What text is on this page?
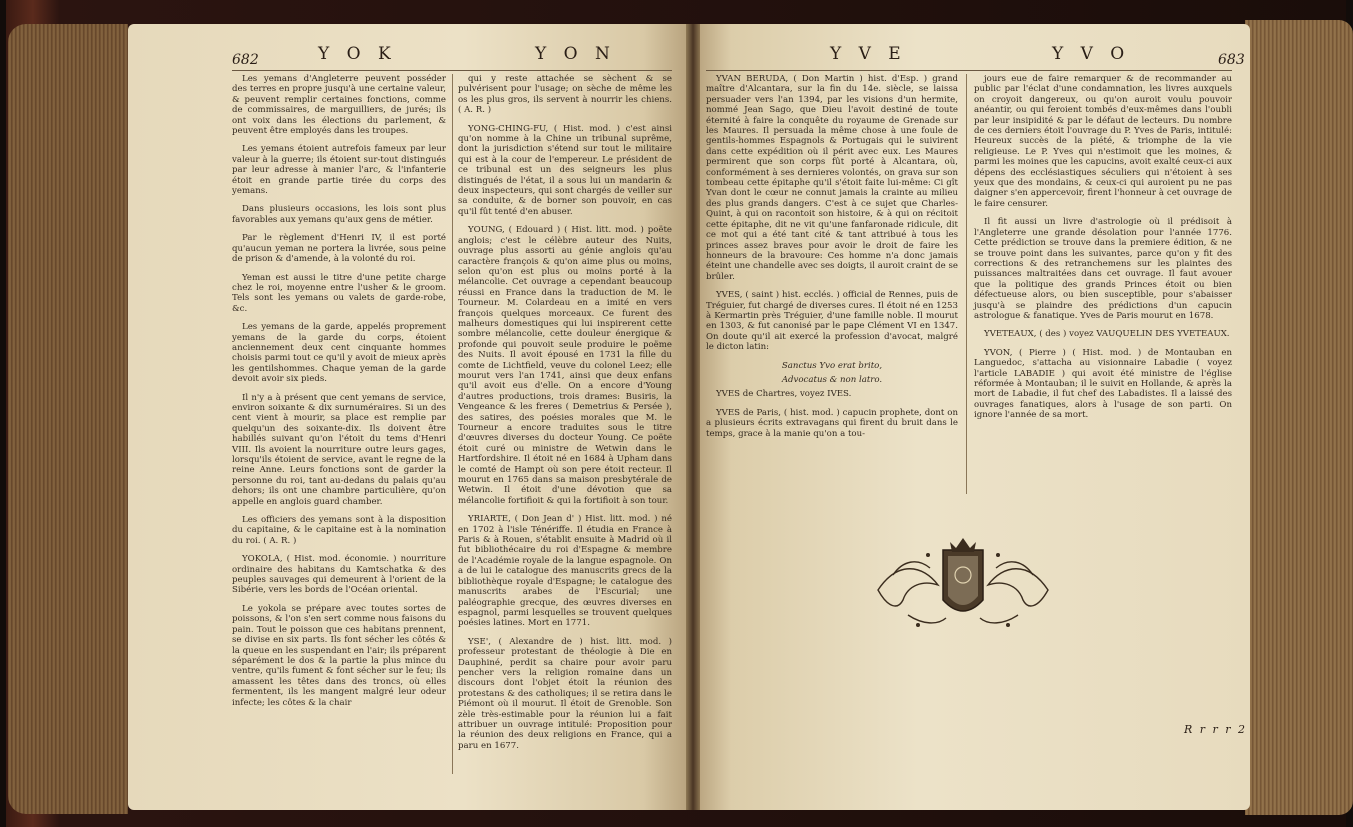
682	Y O K	Y O N	Y V E	Y V O	683

Les yemans d'Angleterre peuvent posséder des terres en propre jusqu'à une certaine valeur, & peuvent remplir certaines fonctions, comme de commissaires, de marguilliers, de jurés; ils ont voix dans les élections du parlement, & peuvent être employés dans les troupes.

Les yemans étoient autrefois fameux par leur valeur à la guerre; ils étoient sur-tout distingués par leur adresse à manier l'arc, & l'infanterie étoit en grande partie tirée du corps des yemans.

Dans plusieurs occasions, les lois sont plus favorables aux yemans qu'aux gens de métier.

Par le règlement d'Henri IV, il est porté qu'aucun yeman ne portera la livrée, sous peine de prison & d'amende, à la volonté du roi.

Yeman est aussi le titre d'une petite charge chez le roi, moyenne entre l'usher & le groom. Tels sont les yemans ou valets de garde-robe, &c.

Les yemans de la garde, appelés proprement yemans de la garde du corps, étoient anciennement deux cent cinquante hommes choisis parmi tout ce qu'il y avoit de mieux après les gentilshommes. Chaque yeman de la garde devoit avoir six pieds.

Il n'y a à présent que cent yemans de service, environ soixante & dix surnuméraires. Si un des cent vient à mourir, sa place est remplie par quelqu'un des soixante-dix. Ils doivent être habillés suivant qu'on l'étoit du tems d'Henri VIII. Ils avoient la nourriture outre leurs gages, lorsqu'ils étoient de service, avant le regne de la reine Anne. Leurs fonctions sont de garder la personne du roi, tant au-dedans du palais qu'au dehors; ils ont une chambre particulière, qu'on appelle en anglois guard chamber.

Les officiers des yemans sont à la disposition du capitaine, & le capitaine est à la nomination du roi. ( A. R. )

YOKOLA, ( Hist. mod. économie. ) nourriture ordinaire des habitans du Kamtschatka & des peuples sauvages qui demeurent à l'orient de la Sibérie, vers les bords de l'Océan oriental.

Le yokola se prépare avec toutes sortes de poissons, & l'on s'en sert comme nous faisons du pain. Tout le poisson que ces habitans prennent, se divise en six parts. Ils font sécher les côtés & la queue en les suspendant en l'air; ils préparent séparément le dos & la partie la plus mince du ventre, qu'ils fument & font sécher sur le feu; ils amassent les têtes dans des troncs, où elles fermentent, ils les mangent malgré leur odeur infecte; les côtes & la chair

qui y reste attachée se sèchent & se pulvérisent pour l'usage; on sèche de même les os les plus gros, ils servent à nourrir les chiens. ( A. R. )

YONG-CHING-FU, ( Hist. mod. ) c'est ainsi qu'on nomme à la Chine un tribunal suprême, dont la jurisdiction s'étend sur tout le militaire qui est à la cour de l'empereur. Le président de ce tribunal est un des seigneurs les plus distingués de l'état, il a sous lui un mandarin & deux inspecteurs, qui sont chargés de veiller sur sa conduite, & de borner son pouvoir, en cas qu'il fût tenté d'en abuser.

YOUNG, ( Edouard ) ( Hist. litt. mod. ) poëte anglois; c'est le célèbre auteur des Nuits, ouvrage plus assorti au génie anglois qu'au caractère françois & qu'on aime plus ou moins, selon qu'on est plus ou moins porté à la mélancolie. Cet ouvrage a cependant beaucoup réussi en France dans la traduction de M. le Tourneur. M. Colardeau en a imité en vers françois quelques morceaux. Ce furent des malheurs domestiques qui lui inspirerent cette sombre mélancolie, cette douleur énergique & profonde qui pouvoit seule produire le poëme des Nuits. Il avoit épousé en 1731 la fille du comte de Lichtfield, veuve du colonel Leez; elle mourut vers l'an 1741, ainsi que deux enfans qu'il avoit eus d'elle. On a encore d'Young d'autres productions, trois drames: Busiris, la Vengeance & les freres ( Demetrius & Persée ), des satires, des poésies morales que M. le Tourneur a encore traduites sous le titre d'œuvres diverses du docteur Young. Ce poëte étoit curé ou ministre de Wetwin dans le Hartfordshire. Il étoit né en 1684 à Upham dans le comté de Hampt où son pere étoit recteur. Il mourut en 1765 dans sa maison presbytérale de Wetwin. Il étoit d'une dévotion que sa mélancolie fortifioit & qui la fortifioit à son tour.

YRIARTE, ( Don Jean d' ) Hist. litt. mod. ) né en 1702 à l'isle Ténériffe. Il étudia en France à Paris & à Rouen, s'établit ensuite à Madrid où il fut bibliothécaire du roi d'Espagne & membre de l'Académie royale de la langue espagnole. On a de lui le catalogue des manuscrits grecs de la bibliothèque royale d'Espagne; le catalogue des manuscrits arabes de l'Escurial; une paléographie grecque, des œuvres diverses en espagnol, parmi lesquelles se trouvent quelques poésies latines. Mort en 1771.

YSE', ( Alexandre de ) hist. litt. mod. ) professeur protestant de théologie à Die en Dauphiné, perdit sa chaire pour avoir paru pencher vers la religion romaine dans un discours dont l'objet étoit la réunion des protestans & des catholiques; il se retira dans le Piémont où il mourut. Il étoit de Grenoble. Son zèle très-estimable pour la réunion lui a fait attribuer un ouvrage intitulé: Proposition pour la réunion des deux religions en France, qui a paru en 1677.

YVAN BERUDA, ( Don Martin ) hist. d'Esp. ) grand maître d'Alcantara, sur la fin du 14e. siècle, se laissa persuader vers l'an 1394, par les visions d'un hermite, nommé Jean Sago, que Dieu l'avoit destiné de toute éternité à faire la conquête du royaume de Grenade sur les Maures. Il persuada la même chose à une foule de gentils-hommes Espagnols & Portugais qui le suivirent dans cette expédition où il périt avec eux. Les Maures permirent que son corps fût porté à Alcantara, où, conformément à ses dernieres volontés, on grava sur son tombeau cette épitaphe qu'il s'étoit faite lui-même: Ci gît Yvan dont le cœur ne connut jamais la crainte au milieu des plus grands dangers. C'est à ce sujet que Charles-Quint, à qui on racontoit son histoire, & à qui on récitoit cette épitaphe, dit ne vit qu'une fanfaronade ridicule, dit ce mot qui a été tant cité & tant attribué à tous les princes assez braves pour avoir le droit de faire les honneurs de la bravoure: Ces homme n'a donc jamais éteint une chandelle avec ses doigts, il auroit craint de se brûler.

YVES, ( saint ) hist. ecclés. ) official de Rennes, puis de Tréguier, fut chargé de diverses cures. Il étoit né en 1253 à Kermartin près Tréguier, d'une famille noble. Il mourut en 1303, & fut canonisé par le pape Clément VI en 1347. On doute qu'il ait exercé la profession d'avocat, malgré le dicton latin:

Sanctus Yvo erat brito,

Advocatus & non latro.

YVES de Chartres, voyez IVES.

YVES de Paris, ( hist. mod. ) capucin prophete, dont on a plusieurs écrits extravagans qui firent du bruit dans le temps, grace à la manie qu'on a tou-

jours eue de faire remarquer & de recommander au public par l'éclat d'une condamnation, les livres auxquels on croyoit dangereux, ou qu'on auroit voulu pouvoir anéantir, ou qui feroient tombés d'eux-mêmes dans l'oubli par leur insipidité & par le défaut de lecteurs. Du nombre de ces derniers étoit l'ouvrage du P. Yves de Paris, intitulé: Heureux succès de la piété, & triomphe de la vie religieuse. Le P. Yves qui n'estimoit que les moines, & parmi les moines que les capucins, avoit exalté ceux-ci aux dépens des ecclésiastiques séculiers qui n'étoient à ses yeux que des mondains, & ceux-ci qui auroient pu ne pas daigner s'en appercevoir, firent l'honneur à cet ouvrage de le faire censurer.

Il fit aussi un livre d'astrologie où il prédisoit à l'Angleterre une grande désolation pour l'année 1776. Cette prédiction se trouve dans la premiere édition, & ne se trouve point dans les suivantes, parce qu'on y fit des corrections & des retranchemens sur les plaintes des puissances maltraitées dans cet ouvrage. Il faut avouer que la politique des grands Princes étoit ou bien défectueuse alors, ou bien susceptible, pour s'abaisser jusqu'à se plaindre des prédictions d'un capucin astrologue & fanatique. Yves de Paris mourut en 1678.

YVETEAUX, ( des ) voyez VAUQUELIN DES YVETEAUX.

YVON, ( Pierre ) ( Hist. mod. ) de Montauban en Languedoc, s'attacha au visionnaire Labadie ( voyez l'article LABADIE ) qui avoit été ministre de l'église réformée à Montauban; il le suivit en Hollande, & après la mort de Labadie, il fut chef des Labadistes. Il a laissé des ouvrages fanatiques, alors à l'usage de son parti. On ignore l'année de sa mort.

R r r r 2
